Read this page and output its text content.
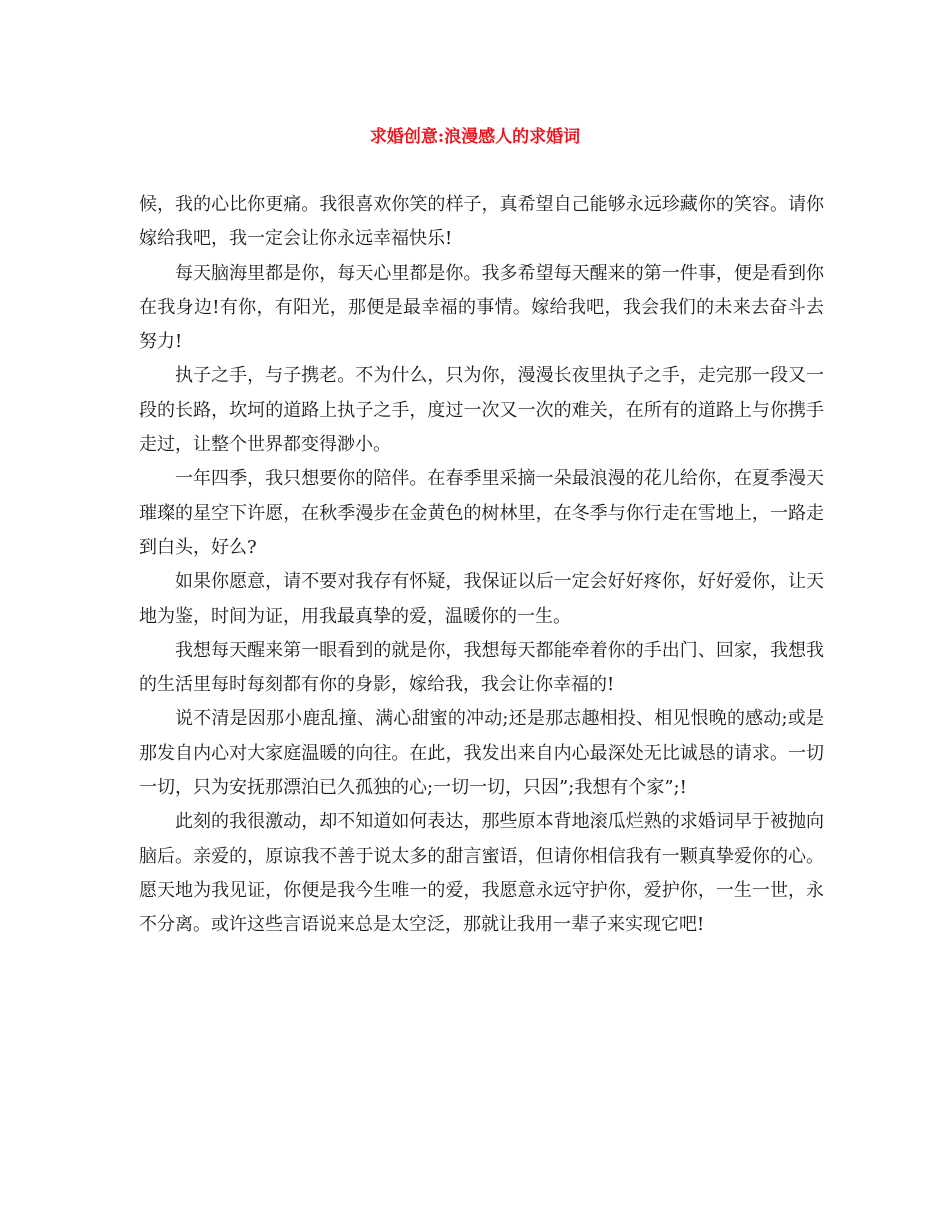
求婚创意:浪漫感人的求婚词

候，我的心比你更痛。我很喜欢你笑的样子，真希望自己能够永远珍藏你的笑容。请你嫁给我吧，我一定会让你永远幸福快乐!

每天脑海里都是你，每天心里都是你。我多希望每天醒来的第一件事，便是看到你在我身边!有你，有阳光，那便是最幸福的事情。嫁给我吧，我会我们的未来去奋斗去努力!

执子之手，与子携老。不为什么，只为你，漫漫长夜里执子之手，走完那一段又一段的长路，坎坷的道路上执子之手，度过一次又一次的难关，在所有的道路上与你携手走过，让整个世界都变得渺小。

一年四季，我只想要你的陪伴。在春季里采摘一朵最浪漫的花儿给你，在夏季漫天璀璨的星空下许愿，在秋季漫步在金黄色的树林里，在冬季与你行走在雪地上，一路走到白头，好么?

如果你愿意，请不要对我存有怀疑，我保证以后一定会好好疼你，好好爱你，让天地为鉴，时间为证，用我最真挚的爱，温暖你的一生。

我想每天醒来第一眼看到的就是你，我想每天都能牵着你的手出门、回家，我想我的生活里每时每刻都有你的身影，嫁给我，我会让你幸福的!

说不清是因那小鹿乱撞、满心甜蜜的冲动;还是那志趣相投、相见恨晚的感动;或是那发自内心对大家庭温暖的向往。在此，我发出来自内心最深处无比诚恳的请求。一切一切，只为安抚那漂泊已久孤独的心;一切一切，只因”;我想有个家”;!

此刻的我很激动，却不知道如何表达，那些原本背地滚瓜烂熟的求婚词早于被抛向脑后。亲爱的，原谅我不善于说太多的甜言蜜语，但请你相信我有一颗真挚爱你的心。愿天地为我见证，你便是我今生唯一的爱，我愿意永远守护你，爱护你，一生一世，永不分离。或许这些言语说来总是太空泛，那就让我用一辈子来实现它吧!
